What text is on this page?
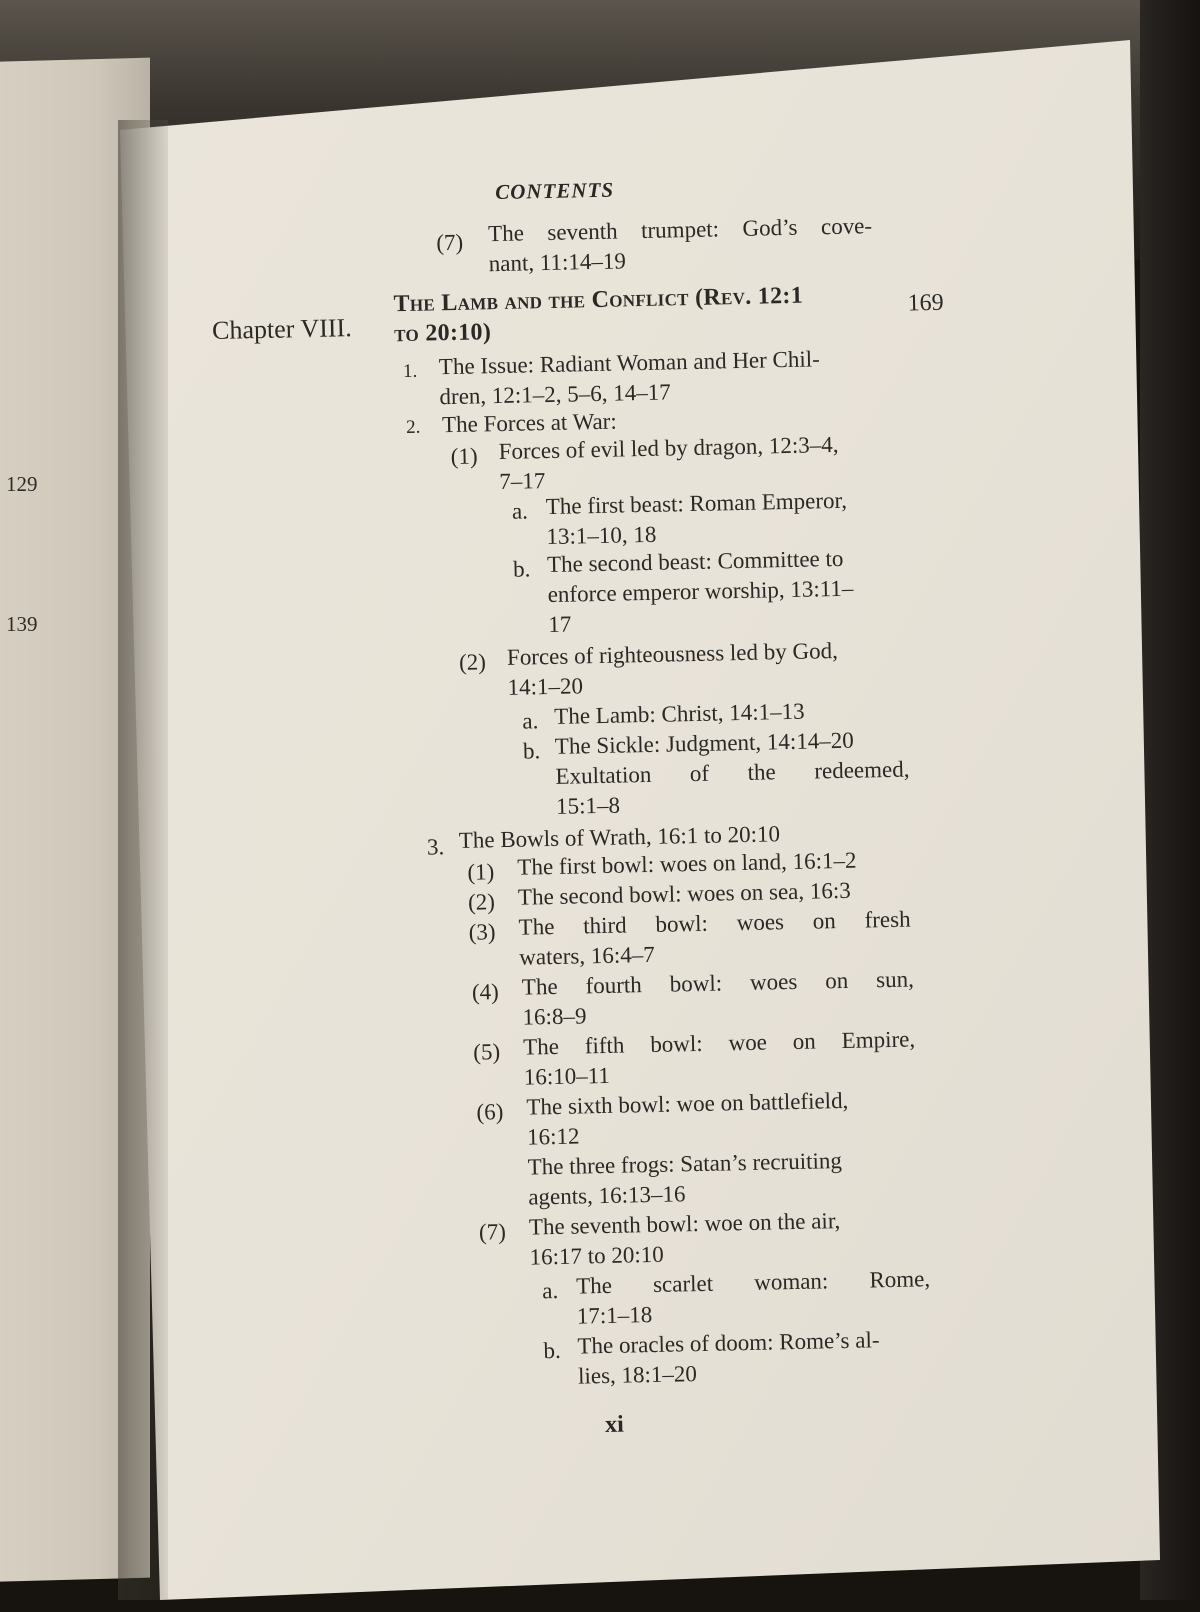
129
139
CONTENTS
(7) The seventh trumpet: God’s cove-
nant, 11:14–19
Chapter VIII.
The Lamb and the Conflict (Rev. 12:1
to 20:10)
169
1. The Issue: Radiant Woman and Her Chil-
dren, 12:1–2, 5–6, 14–17
2. The Forces at War:
(1) Forces of evil led by dragon, 12:3–4,
7–17
a. The first beast: Roman Emperor,
13:1–10, 18
b. The second beast: Committee to
enforce emperor worship, 13:11–
17
(2) Forces of righteousness led by God,
14:1–20
a. The Lamb: Christ, 14:1–13
b. The Sickle: Judgment, 14:14–20
Exultation of the redeemed,
15:1–8
3. The Bowls of Wrath, 16:1 to 20:10
(1) The first bowl: woes on land, 16:1–2
(2) The second bowl: woes on sea, 16:3
(3) The third bowl: woes on fresh
waters, 16:4–7
(4) The fourth bowl: woes on sun,
16:8–9
(5) The fifth bowl: woe on Empire,
16:10–11
(6) The sixth bowl: woe on battlefield,
16:12
The three frogs: Satan’s recruiting
agents, 16:13–16
(7) The seventh bowl: woe on the air,
16:17 to 20:10
a. The scarlet woman: Rome,
17:1–18
b. The oracles of doom: Rome’s al-
lies, 18:1–20
xi
